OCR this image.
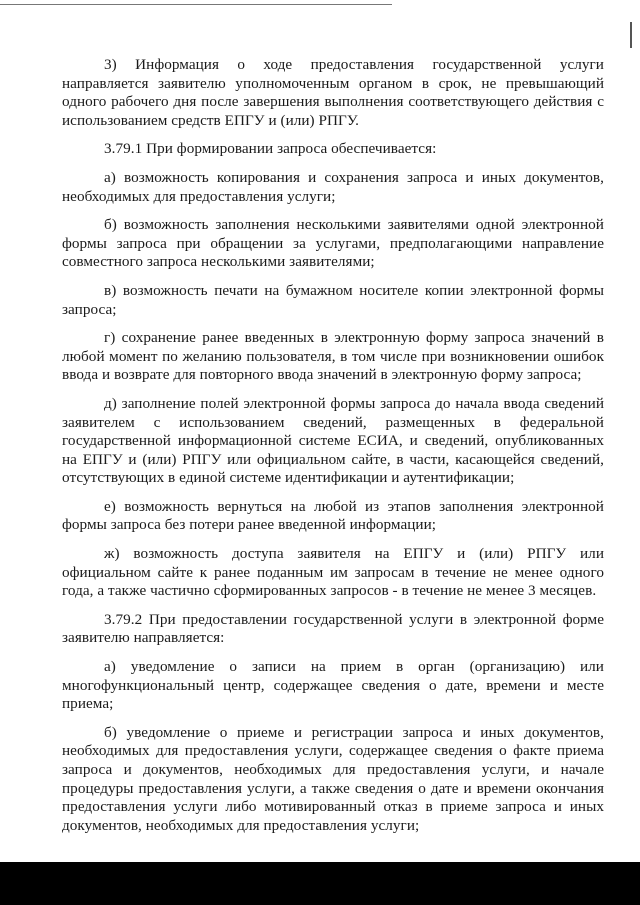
3) Информация о ходе предоставления государственной услуги направляется заявителю уполномоченным органом в срок, не превышающий одного рабочего дня после завершения выполнения соответствующего действия с использованием средств ЕПГУ и (или) РПГУ.

3.79.1 При формировании запроса обеспечивается:

а) возможность копирования и сохранения запроса и иных документов, необходимых для предоставления услуги;

б) возможность заполнения несколькими заявителями одной электронной формы запроса при обращении за услугами, предполагающими направление совместного запроса несколькими заявителями;

в) возможность печати на бумажном носителе копии электронной формы запроса;

г) сохранение ранее введенных в электронную форму запроса значений в любой момент по желанию пользователя, в том числе при возникновении ошибок ввода и возврате для повторного ввода значений в электронную форму запроса;

д) заполнение полей электронной формы запроса до начала ввода сведений заявителем с использованием сведений, размещенных в федеральной государственной информационной системе ЕСИА, и сведений, опубликованных на ЕПГУ и (или) РПГУ или официальном сайте, в части, касающейся сведений, отсутствующих в единой системе идентификации и аутентификации;

е) возможность вернуться на любой из этапов заполнения электронной формы запроса без потери ранее введенной информации;

ж) возможность доступа заявителя на ЕПГУ и (или) РПГУ или официальном сайте к ранее поданным им запросам в течение не менее одного года, а также частично сформированных запросов - в течение не менее 3 месяцев.

3.79.2 При предоставлении государственной услуги в электронной форме заявителю направляется:

а) уведомление о записи на прием в орган (организацию) или многофункциональный центр, содержащее сведения о дате, времени и месте приема;

б) уведомление о приеме и регистрации запроса и иных документов, необходимых для предоставления услуги, содержащее сведения о факте приема запроса и документов, необходимых для предоставления услуги, и начале процедуры предоставления услуги, а также сведения о дате и времени окончания предоставления услуги либо мотивированный отказ в приеме запроса и иных документов, необходимых для предоставления услуги;
